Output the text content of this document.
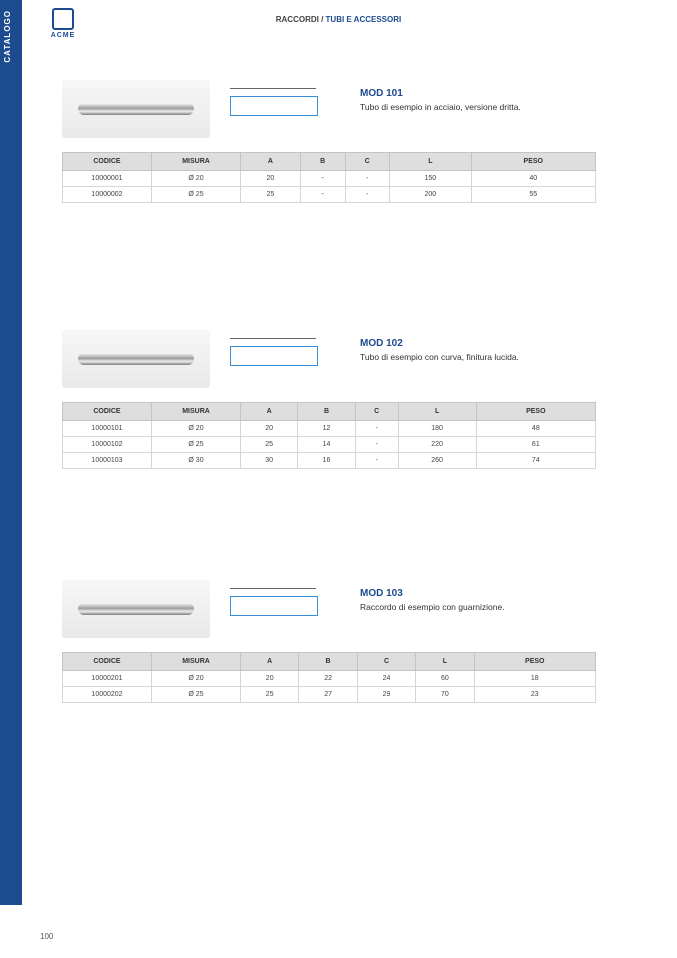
CATALOGO	ACME
RACCORDI / TUBI E ACCESSORI
MOD 101
Tubo di esempio in acciaio, versione dritta.
CODICE	MISURA	A	B	C	L	PESO
10000001	Ø 20	20	-	-	150	40
10000002	Ø 25	25	-	-	200	55
MOD 102
Tubo di esempio con curva, finitura lucida.
CODICE	MISURA	A	B	C	L	PESO
10000101	Ø 20	20	12	-	180	48
10000102	Ø 25	25	14	-	220	61
10000103	Ø 30	30	16	-	260	74
MOD 103
Raccordo di esempio con guarnizione.
CODICE	MISURA	A	B	C	L	PESO
10000201	Ø 20	20	22	24	60	18
10000202	Ø 25	25	27	29	70	23
100
